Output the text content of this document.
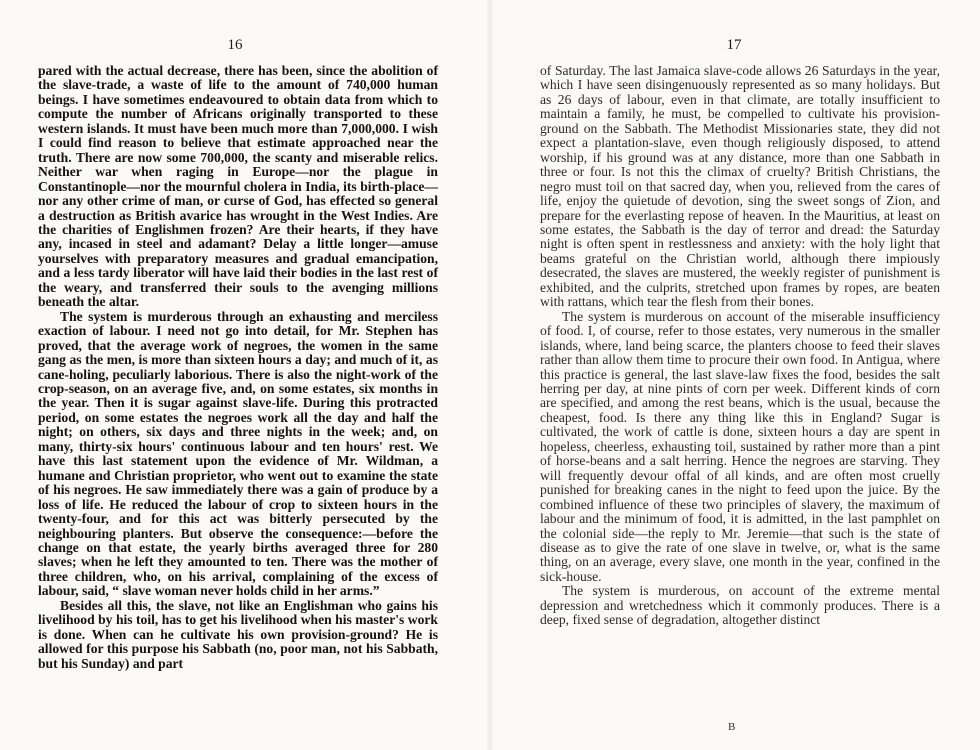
16

pared with the actual decrease, there has been, since the abolition of the slave-trade, a waste of life to the amount of 740,000 human beings. I have sometimes endeavoured to obtain data from which to compute the number of Africans originally transported to these western islands. It must have been much more than 7,000,000. I wish I could find reason to believe that estimate approached near the truth. There are now some 700,000, the scanty and miserable relics. Neither war when raging in Europe—nor the plague in Constantinople—nor the mournful cholera in India, its birth-place—nor any other crime of man, or curse of God, has effected so general a destruction as British avarice has wrought in the West Indies. Are the charities of Englishmen frozen? Are their hearts, if they have any, incased in steel and adamant? Delay a little longer—amuse yourselves with preparatory measures and gradual emancipation, and a less tardy liberator will have laid their bodies in the last rest of the weary, and transferred their souls to the avenging millions beneath the altar.

The system is murderous through an exhausting and merciless exaction of labour. I need not go into detail, for Mr. Stephen has proved, that the average work of negroes, the women in the same gang as the men, is more than sixteen hours a day; and much of it, as cane-holing, peculiarly laborious. There is also the night-work of the crop-season, on an average five, and, on some estates, six months in the year. Then it is sugar against slave-life. During this protracted period, on some estates the negroes work all the day and half the night; on others, six days and three nights in the week; and, on many, thirty-six hours' continuous labour and ten hours' rest. We have this last statement upon the evidence of Mr. Wildman, a humane and Christian proprietor, who went out to examine the state of his negroes. He saw immediately there was a gain of produce by a loss of life. He reduced the labour of crop to sixteen hours in the twenty-four, and for this act was bitterly persecuted by the neighbouring planters. But observe the consequence:—before the change on that estate, the yearly births averaged three for 280 slaves; when he left they amounted to ten. There was the mother of three children, who, on his arrival, complaining of the excess of labour, said, “ slave woman never holds child in her arms.”

Besides all this, the slave, not like an Englishman who gains his livelihood by his toil, has to get his livelihood when his master's work is done. When can he cultivate his own provision-ground? He is allowed for this purpose his Sabbath (no, poor man, not his Sabbath, but his Sunday) and part

17

of Saturday. The last Jamaica slave-code allows 26 Saturdays in the year, which I have seen disingenuously represented as so many holidays. But as 26 days of labour, even in that climate, are totally insufficient to maintain a family, he must, be compelled to cultivate his provision-ground on the Sabbath. The Methodist Missionaries state, they did not expect a plantation-slave, even though religiously disposed, to attend worship, if his ground was at any distance, more than one Sabbath in three or four. Is not this the climax of cruelty? British Christians, the negro must toil on that sacred day, when you, relieved from the cares of life, enjoy the quietude of devotion, sing the sweet songs of Zion, and prepare for the everlasting repose of heaven. In the Mauritius, at least on some estates, the Sabbath is the day of terror and dread: the Saturday night is often spent in restlessness and anxiety: with the holy light that beams grateful on the Christian world, although there impiously desecrated, the slaves are mustered, the weekly register of punishment is exhibited, and the culprits, stretched upon frames by ropes, are beaten with rattans, which tear the flesh from their bones.

The system is murderous on account of the miserable insufficiency of food. I, of course, refer to those estates, very numerous in the smaller islands, where, land being scarce, the planters choose to feed their slaves rather than allow them time to procure their own food. In Antigua, where this practice is general, the last slave-law fixes the food, besides the salt herring per day, at nine pints of corn per week. Different kinds of corn are specified, and among the rest beans, which is the usual, because the cheapest, food. Is there any thing like this in England? Sugar is cultivated, the work of cattle is done, sixteen hours a day are spent in hopeless, cheerless, exhausting toil, sustained by rather more than a pint of horse-beans and a salt herring. Hence the negroes are starving. They will frequently devour offal of all kinds, and are often most cruelly punished for breaking canes in the night to feed upon the juice. By the combined influence of these two principles of slavery, the maximum of labour and the minimum of food, it is admitted, in the last pamphlet on the colonial side—the reply to Mr. Jeremie—that such is the state of disease as to give the rate of one slave in twelve, or, what is the same thing, on an average, every slave, one month in the year, confined in the sick-house.

The system is murderous, on account of the extreme mental depression and wretchedness which it commonly produces. There is a deep, fixed sense of degradation, altogether distinct

B
